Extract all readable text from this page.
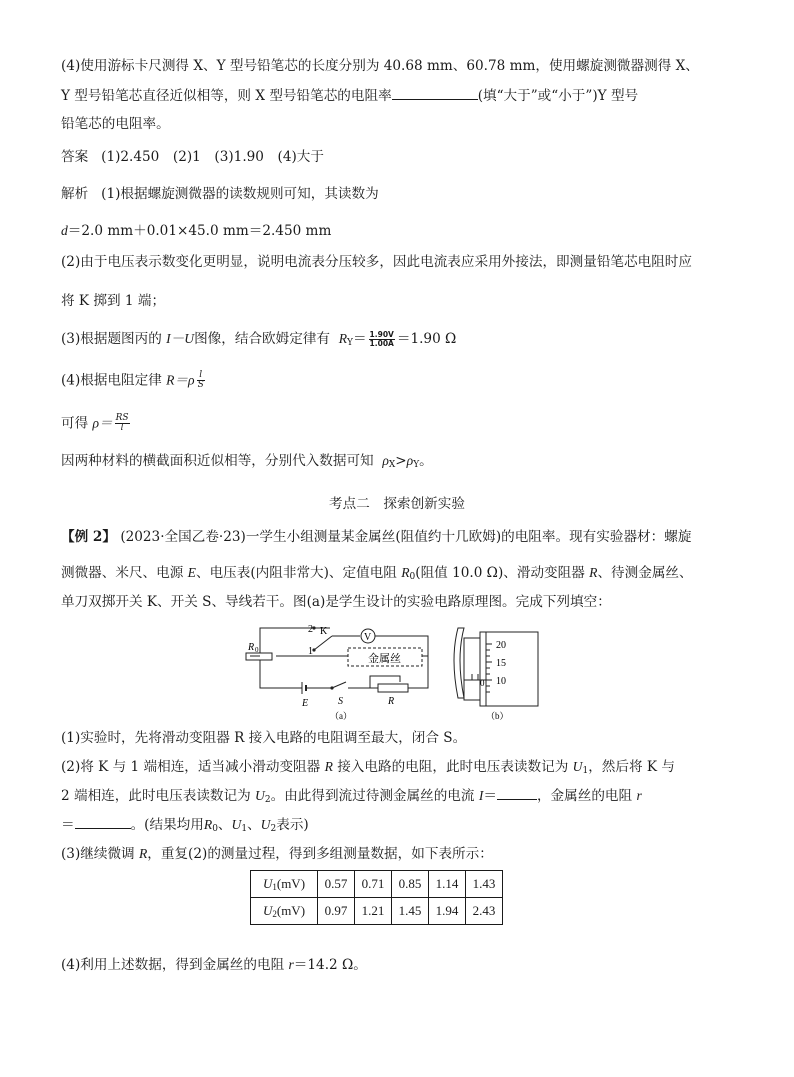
(4)使用游标卡尺测得 X、Y 型号铅笔芯的长度分别为 40.68 mm、60.78 mm，使用螺旋测微器测得 X、
Y 型号铅笔芯直径近似相等，则 X 型号铅笔芯的电阻率	(填“大于”或“小于”)Y 型号
铅笔芯的电阻率。
答案 (1)2.450　(2)1　(3)1.90　(4)大于
解析 (1)根据螺旋测微器的读数规则可知，其读数为
d＝2.0 mm＋0.01×45.0 mm＝2.450 mm
(2)由于电压表示数变化更明显，说明电流表分压较多，因此电流表应采用外接法，即测量铅笔芯电阻时应
将 K 掷到 1 端；
(3)根据题图丙的 I－U图像，结合欧姆定律有 $R_Y= \frac{1.90V}{1.00A} =1.90$ Ω
(4)根据电阻定律 $R=\rho \frac{l}{S}$
可得 $\rho= \frac{RS}{l}$
因两种材料的横截面积近似相等，分别代入数据可知 $\rho_X>\rho_Y$。
考点二　探索创新实验
【例 2】 (2023·全国乙卷·23)一学生小组测量某金属丝(阻值约十几欧姆)的电阻率。现有实验器材：螺旋
测微器、米尺、电源 E、电压表(内阻非常大)、定值电阻 $R_0$(阻值 10.0 Ω)、滑动变阻器 R、待测金属丝、
单刀双掷开关 K、开关 S、导线若干。图(a)是学生设计的实验电路原理图。完成下列填空：
2 K
1
V
金属丝
R 0
E	S	R
（a）
20
15
10
0
（b）
(1)实验时，先将滑动变阻器 R 接入电路的电阻调至最大，闭合 S。
(2)将 K 与 1 端相连，适当减小滑动变阻器 R 接入电路的电阻，此时电压表读数记为 $U_1$，然后将 K 与
2 端相连，此时电压表读数记为 $U_2$。由此得到流过待测金属丝的电流 I＝	，金属丝的电阻 r
＝	。(结果均用$R_0$、$U_1$、$U_2$表示)
(3)继续微调 R，重复(2)的测量过程，得到多组测量数据，如下表所示：
$U_1(mV)$	0.57	0.71	0.85	1.14	1.43
$U_2(mV)$	0.97	1.21	1.45	1.94	2.43
(4)利用上述数据，得到金属丝的电阻 r＝14.2 Ω。
